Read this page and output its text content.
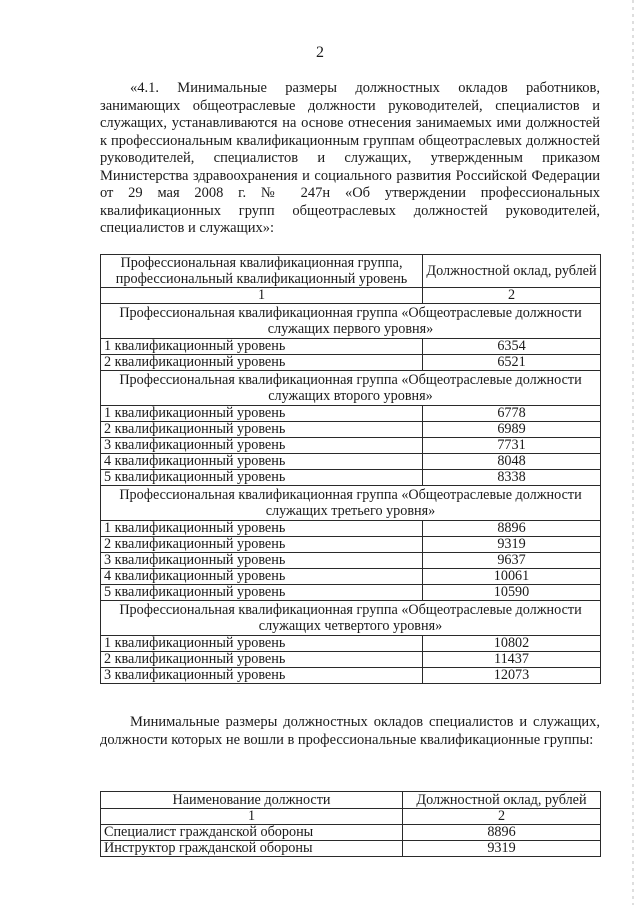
2
«4.1. Минимальные размеры должностных окладов работников, занимающих общеотраслевые должности руководителей, специалистов и служащих, устанавливаются на основе отнесения занимаемых ими должностей к профессиональным квалификационным группам общеотраслевых должностей руководителей, специалистов и служащих, утвержденным приказом Министерства здравоохранения и социального развития Российской Федерации от 29 мая 2008 г. № 247н «Об утверждении профессиональных квалификационных групп общеотраслевых должностей руководителей, специалистов и служащих»:
Профессиональная квалификационная группа, профессиональный квалификационный уровень	Должностной оклад, рублей
1	2
Профессиональная квалификационная группа «Общеотраслевые должности служащих первого уровня»	
1 квалификационный уровень	6354
2 квалификационный уровень	6521
Профессиональная квалификационная группа «Общеотраслевые должности служащих второго уровня»	
1 квалификационный уровень	6778
2 квалификационный уровень	6989
3 квалификационный уровень	7731
4 квалификационный уровень	8048
5 квалификационный уровень	8338
Профессиональная квалификационная группа «Общеотраслевые должности служащих третьего уровня»	
1 квалификационный уровень	8896
2 квалификационный уровень	9319
3 квалификационный уровень	9637
4 квалификационный уровень	10061
5 квалификационный уровень	10590
Профессиональная квалификационная группа «Общеотраслевые должности служащих четвертого уровня»	
1 квалификационный уровень	10802
2 квалификационный уровень	11437
3 квалификационный уровень	12073
Минимальные размеры должностных окладов специалистов и служащих, должности которых не вошли в профессиональные квалификационные группы:
Наименование должности	Должностной оклад, рублей
1	2
Специалист гражданской обороны	8896
Инструктор гражданской обороны	9319
